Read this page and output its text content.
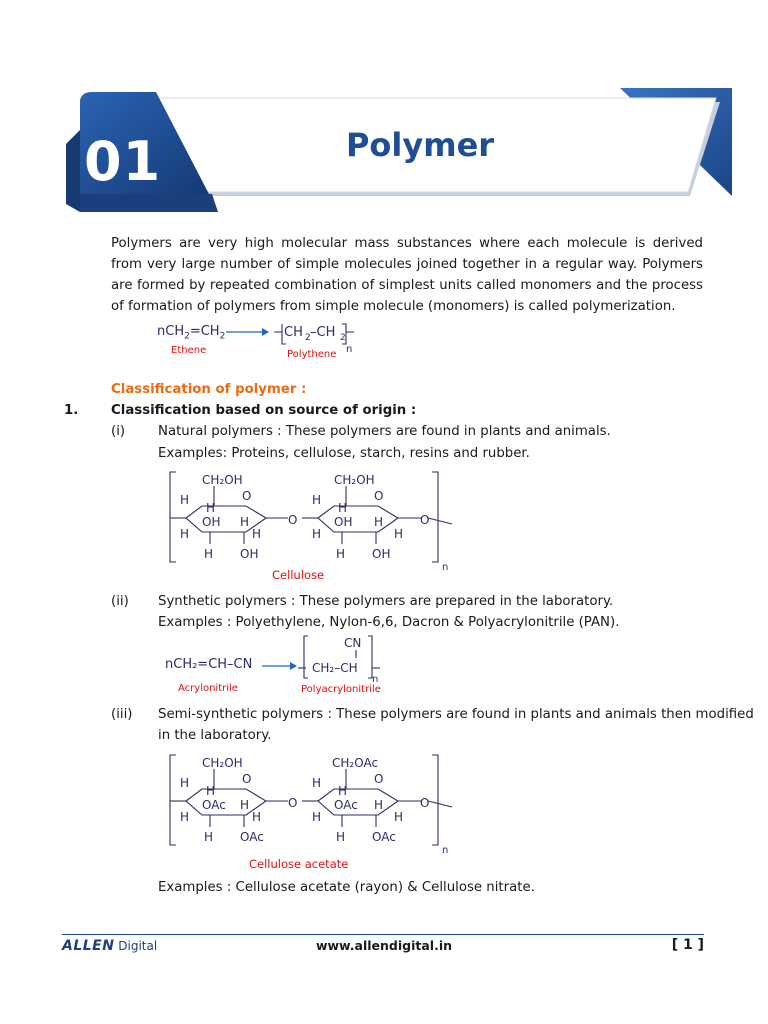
01	Polymer
Polymers are very high molecular mass substances where each molecule is derived from very large number of simple molecules joined together in a regular way. Polymers are formed by repeated combination of simplest units called monomers and the process of formation of polymers from simple molecule (monomers) is called polymerization.
$nCH_2=CH_2$	CH 2 –CH 2
n
Ethene	Polythene
Classification of polymer :
1. Classification based on source of origin :
(i) Natural polymers : These polymers are found in plants and animals.
Examples: Proteins, cellulose, starch, resins and rubber.
CH₂OH	CH₂OH
O	O
H
H
H
H
OH	OH
H	H
H	H	H	H
O	O
H OH	H OH
n
Cellulose
(ii) Synthetic polymers : These polymers are prepared in the laboratory.
Examples : Polyethylene, Nylon-6,6, Dacron & Polyacrylonitrile (PAN).
nCH₂=CH–CN
CN
CH₂–CH
n
Acrylonitrile	Polyacrylonitrile
(iii) Semi-synthetic polymers : These polymers are found in plants and animals then modified
in the laboratory.
CH₂OH	CH₂OAc
O	O
H
H
H
H
OAc	OAc
H	H
H	H	H	H
O	O
H OAc	H OAc
n
Cellulose acetate
Examples : Cellulose acetate (rayon) & Cellulose nitrate.
ALLEN Digital	www.allendigital.in	[ 1 ]
